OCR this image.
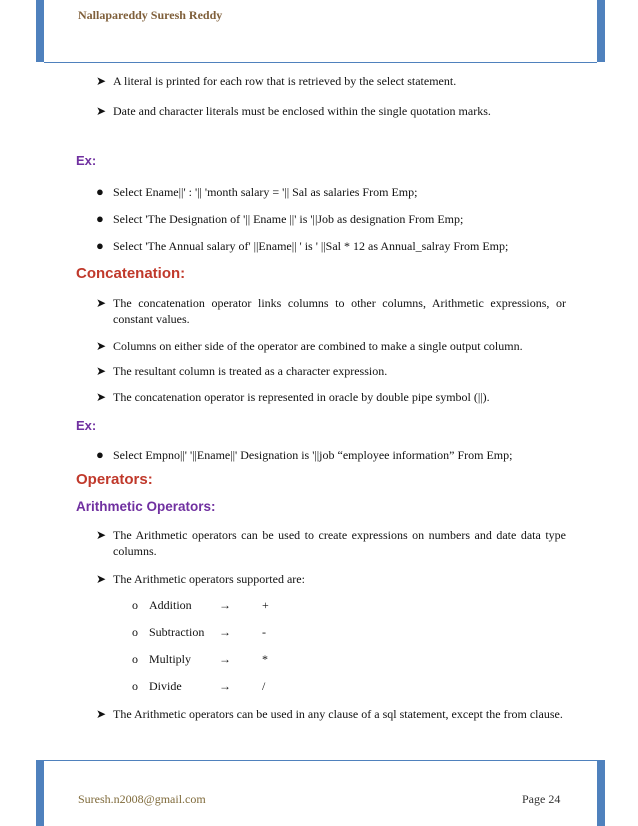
Nallapareddy Suresh Reddy
➤ A literal is printed for each row that is retrieved by the select statement.
➤ Date and character literals must be enclosed within the single quotation marks.
Ex:
● Select Ename||' : '|| 'month salary = '|| Sal as salaries From Emp;
● Select 'The Designation of '|| Ename ||' is '||Job as designation From Emp;
● Select 'The Annual salary of' ||Ename|| ' is ' ||Sal * 12 as Annual_salray From Emp;
Concatenation:
➤ The concatenation operator links columns to other columns, Arithmetic expressions, or constant values.
➤ Columns on either side of the operator are combined to make a single output column.
➤ The resultant column is treated as a character expression.
➤ The concatenation operator is represented in oracle by double pipe symbol (||).
Ex:
● Select Empno||' '||Ename||' Designation is '||job “employee information” From Emp;
Operators:
Arithmetic Operators:
➤ The Arithmetic operators can be used to create expressions on numbers and date data type columns.
➤ The Arithmetic operators supported are:
o Addition →	+
o Subtraction →	-
o Multiply →	*
o Divide	→	/
➤ The Arithmetic operators can be used in any clause of a sql statement, except the from clause.
Suresh.n2008@gmail.com	Page 24
